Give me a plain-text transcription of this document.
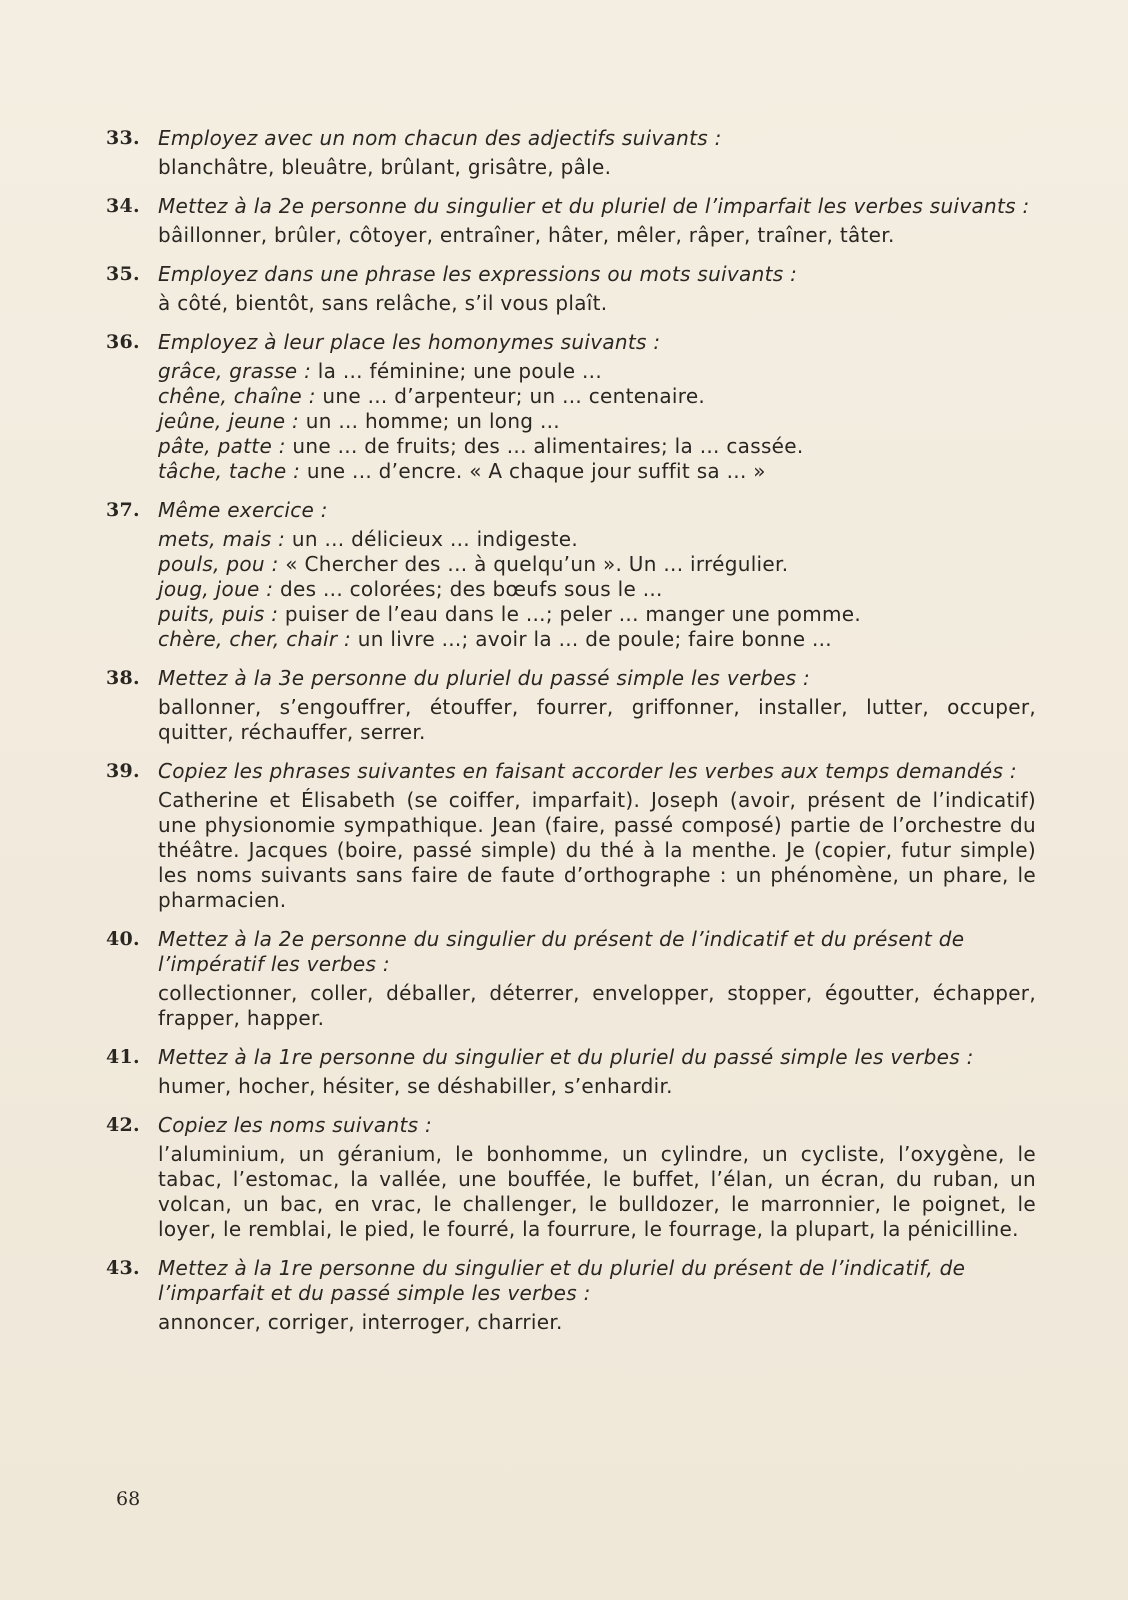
33. Employez avec un nom chacun des adjectifs suivants :
blanchâtre, bleuâtre, brûlant, grisâtre, pâle.
34. Mettez à la 2e personne du singulier et du pluriel de l’imparfait les verbes suivants :
bâillonner, brûler, côtoyer, entraîner, hâter, mêler, râper, traîner, tâter.
35. Employez dans une phrase les expressions ou mots suivants :
à côté, bientôt, sans relâche, s’il vous plaît.
36. Employez à leur place les homonymes suivants :
grâce, grasse : la ... féminine; une poule ...
chêne, chaîne : une ... d’arpenteur; un ... centenaire.
jeûne, jeune : un ... homme; un long ...
pâte, patte : une ... de fruits; des ... alimentaires; la ... cassée.
tâche, tache : une ... d’encre. « A chaque jour suffit sa ... »
37. Même exercice :
mets, mais : un ... délicieux ... indigeste.
pouls, pou : « Chercher des ... à quelqu’un ». Un ... irrégulier.
joug, joue : des ... colorées; des bœufs sous le ...
puits, puis : puiser de l’eau dans le ...; peler ... manger une pomme.
chère, cher, chair : un livre ...; avoir la ... de poule; faire bonne ...
38. Mettez à la 3e personne du pluriel du passé simple les verbes :
ballonner, s’engouffrer, étouffer, fourrer, griffonner, installer, lutter, occuper, quitter, réchauffer, serrer.
39. Copiez les phrases suivantes en faisant accorder les verbes aux temps demandés :
Catherine et Élisabeth (se coiffer, imparfait). Joseph (avoir, présent de l’indicatif) une physionomie sympathique. Jean (faire, passé composé) partie de l’orchestre du théâtre. Jacques (boire, passé simple) du thé à la menthe. Je (copier, futur simple) les noms suivants sans faire de faute d’orthographe : un phénomène, un phare, le pharmacien.
40. Mettez à la 2e personne du singulier du présent de l’indicatif et du présent de l’impératif les verbes :
collectionner, coller, déballer, déterrer, envelopper, stopper, égoutter, échapper, frapper, happer.
41. Mettez à la 1re personne du singulier et du pluriel du passé simple les verbes :
humer, hocher, hésiter, se déshabiller, s’enhardir.
42. Copiez les noms suivants :
l’aluminium, un géranium, le bonhomme, un cylindre, un cycliste, l’oxygène, le tabac, l’estomac, la vallée, une bouffée, le buffet, l’élan, un écran, du ruban, un volcan, un bac, en vrac, le challenger, le bulldozer, le marronnier, le poignet, le loyer, le remblai, le pied, le fourré, la fourrure, le fourrage, la plupart, la pénicilline.
43. Mettez à la 1re personne du singulier et du pluriel du présent de l’indicatif, de l’imparfait et du passé simple les verbes :
annoncer, corriger, interroger, charrier.
68
